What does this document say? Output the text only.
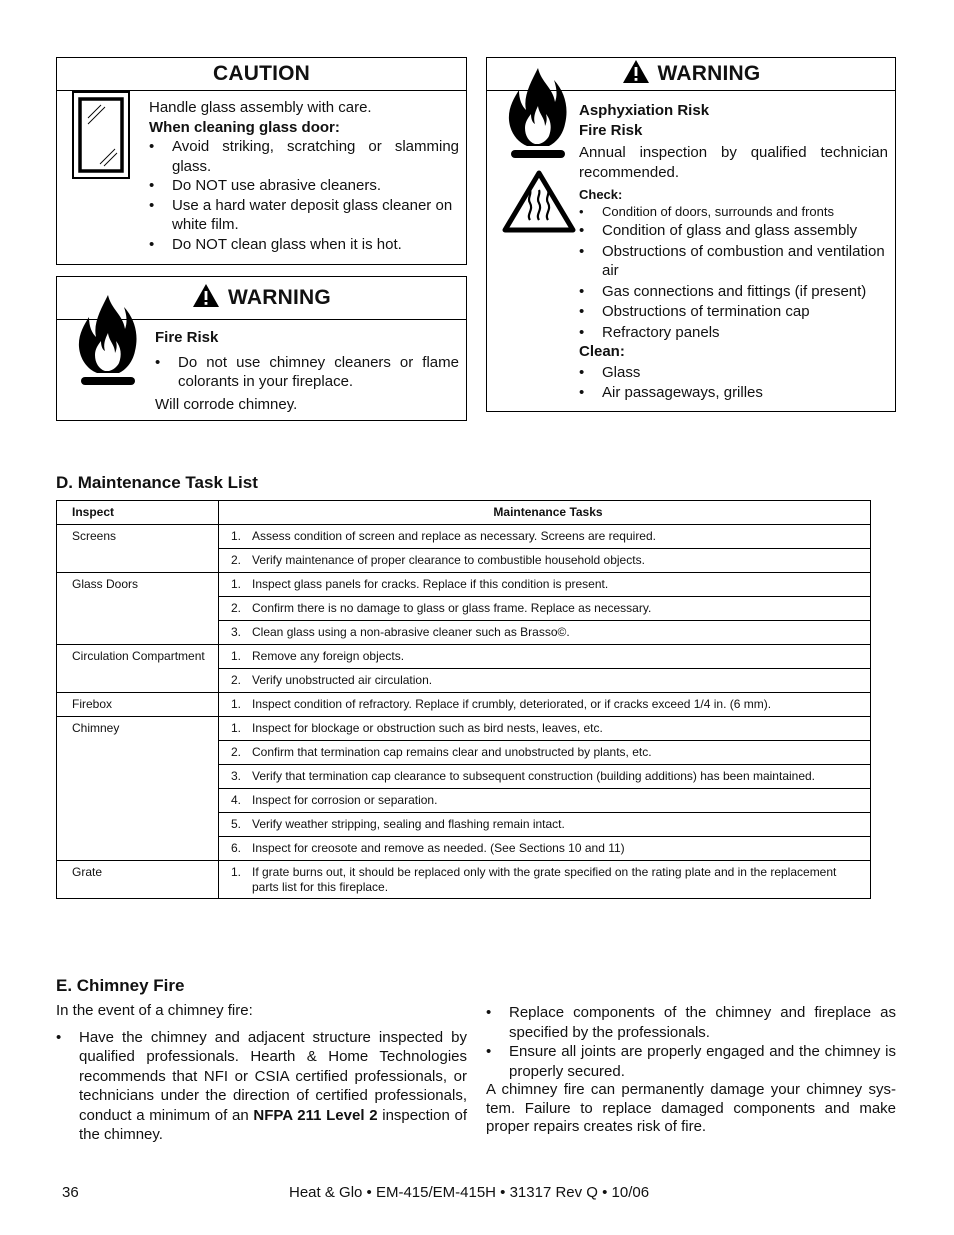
CAUTION
Handle glass assembly with care.
When cleaning glass door:
• Avoid striking, scratching or slamming glass.
• Do NOT use abrasive cleaners.
• Use a hard water deposit glass cleaner on white film.
• Do NOT clean glass when it is hot.
WARNING
Fire Risk
• Do not use chimney cleaners or flame colorants in your fireplace.
Will corrode chimney.
WARNING
Asphyxiation Risk
Fire Risk
Annual inspection by qualified technician recommended.
Check:
• Condition of doors, surrounds and fronts
• Condition of glass and glass assembly
• Obstructions of combustion and ventilation air
• Gas connections and fittings (if present)
• Obstructions of termination cap
• Refractory panels
Clean:
• Glass
• Air passageways, grilles
D. Maintenance Task List
Inspect	Maintenance Tasks
Screens	1. Assess condition of screen and replace as necessary. Screens are required.
	2. Verify maintenance of proper clearance to combustible household objects.
Glass Doors	1. Inspect glass panels for cracks. Replace if this condition is present.
	2. Confirm there is no damage to glass or glass frame. Replace as necessary.
	3. Clean glass using a non-abrasive cleaner such as Brasso©.
Circulation Compartment	1. Remove any foreign objects.
	2. Verify unobstructed air circulation.
Firebox	1. Inspect condition of refractory. Replace if crumbly, deteriorated, or if cracks exceed 1/4 in. (6 mm).
Chimney	1. Inspect for blockage or obstruction such as bird nests, leaves, etc.
	2. Confirm that termination cap remains clear and unobstructed by plants, etc.
	3. Verify that termination cap clearance to subsequent construction (building additions) has been maintained.
	4. Inspect for corrosion or separation.
	5. Verify weather stripping, sealing and flashing remain intact.
	6. Inspect for creosote and remove as needed. (See Sections 10 and 11)
Grate	1. If grate burns out, it should be replaced only with the grate specified on the rating plate and in the replacement parts list for this fireplace.
E. Chimney Fire
In the event of a chimney fire:
• Have the chimney and adjacent structure inspected by qualified professionals. Hearth & Home Technologies recommends that NFI or CSIA certified professionals, or technicians under the direction of certified professionals, conduct a minimum of an NFPA 211 Level 2 inspection of the chimney.
• Replace components of the chimney and fireplace as specified by the professionals.
• Ensure all joints are properly engaged and the chimney is properly secured.
A chimney fire can permanently damage your chimney sys-tem. Failure to replace damaged components and make proper repairs creates risk of fire.
36	Heat & Glo • EM-415/EM-415H • 31317 Rev Q • 10/06
